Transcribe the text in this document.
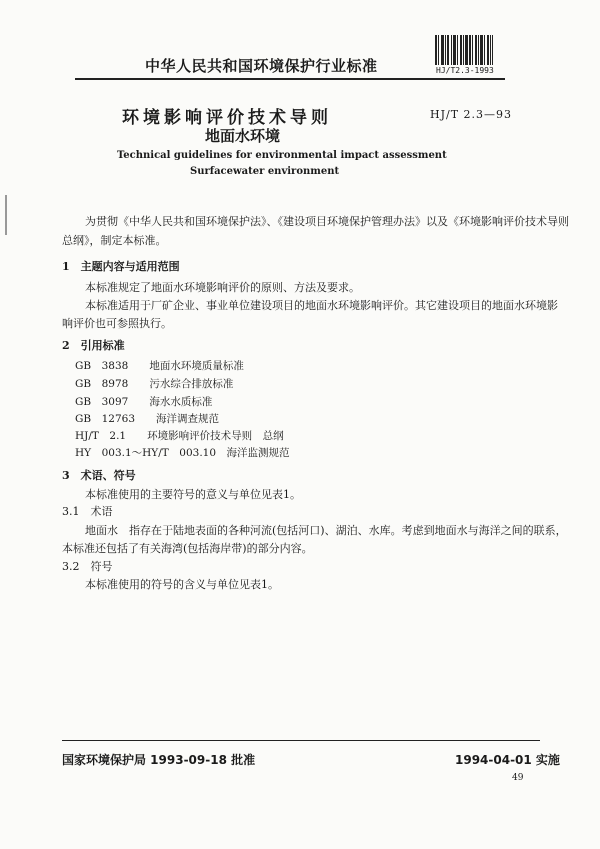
中华人民共和国环境保护行业标准	HJ/T2.3-1993
环境影响评价技术导则
地面水环境
HJ/T 2.3—93
Technical guidelines for environmental impact assessment
Surfacewater environment
为贯彻《中华人民共和国环境保护法》、《建设项目环境保护管理办法》以及《环境影响评价技术导则
总纲》，制定本标准。
1　主题内容与适用范围
本标准规定了地面水环境影响评价的原则、方法及要求。
本标准适用于厂矿企业、事业单位建设项目的地面水环境影响评价。其它建设项目的地面水环境影
响评价也可参照执行。
2　引用标准
GB　3838　　地面水环境质量标准
GB　8978　　污水综合排放标准
GB　3097　　海水水质标准
GB　12763　　海洋调查规范
HJ/T　2.1　　环境影响评价技术导则　总纲
HY　003.1～HY/T　003.10　海洋监测规范
3　术语、符号
本标准使用的主要符号的意义与单位见表1。
3.1　术语
地面水　指存在于陆地表面的各种河流(包括河口)、湖泊、水库。考虑到地面水与海洋之间的联系，
本标准还包括了有关海湾(包括海岸带)的部分内容。
3.2　符号
本标准使用的符号的含义与单位见表1。
国家环境保护局 1993-09-18 批准	1994-04-01 实施
49
